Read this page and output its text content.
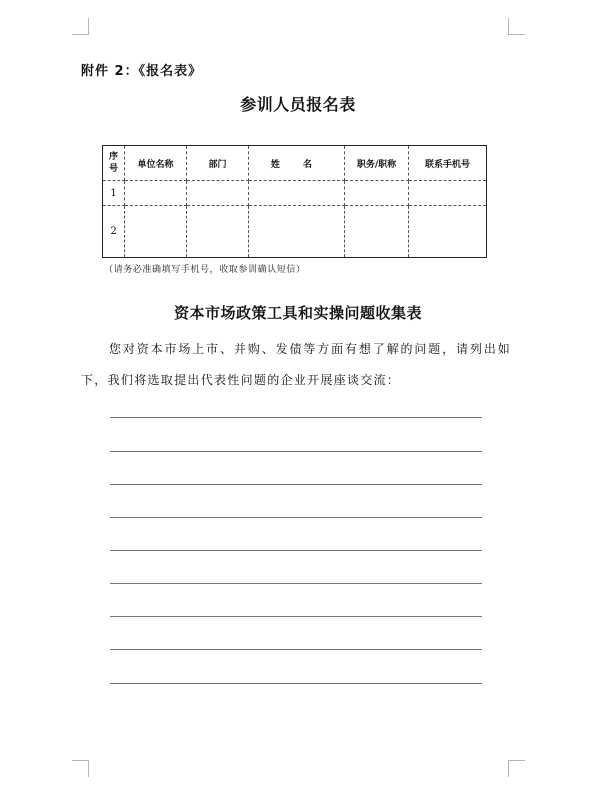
附件 2：《报名表》
参训人员报名表
序号	单位名称	部门	姓 名	职务/职称	联系手机号
1					
2					
（请务必准确填写手机号，收取参训确认短信）
资本市场政策工具和实操问题收集表
您对资本市场上市、并购、发债等方面有想了解的问题，请列出如下，我们将选取提出代表性问题的企业开展座谈交流：
